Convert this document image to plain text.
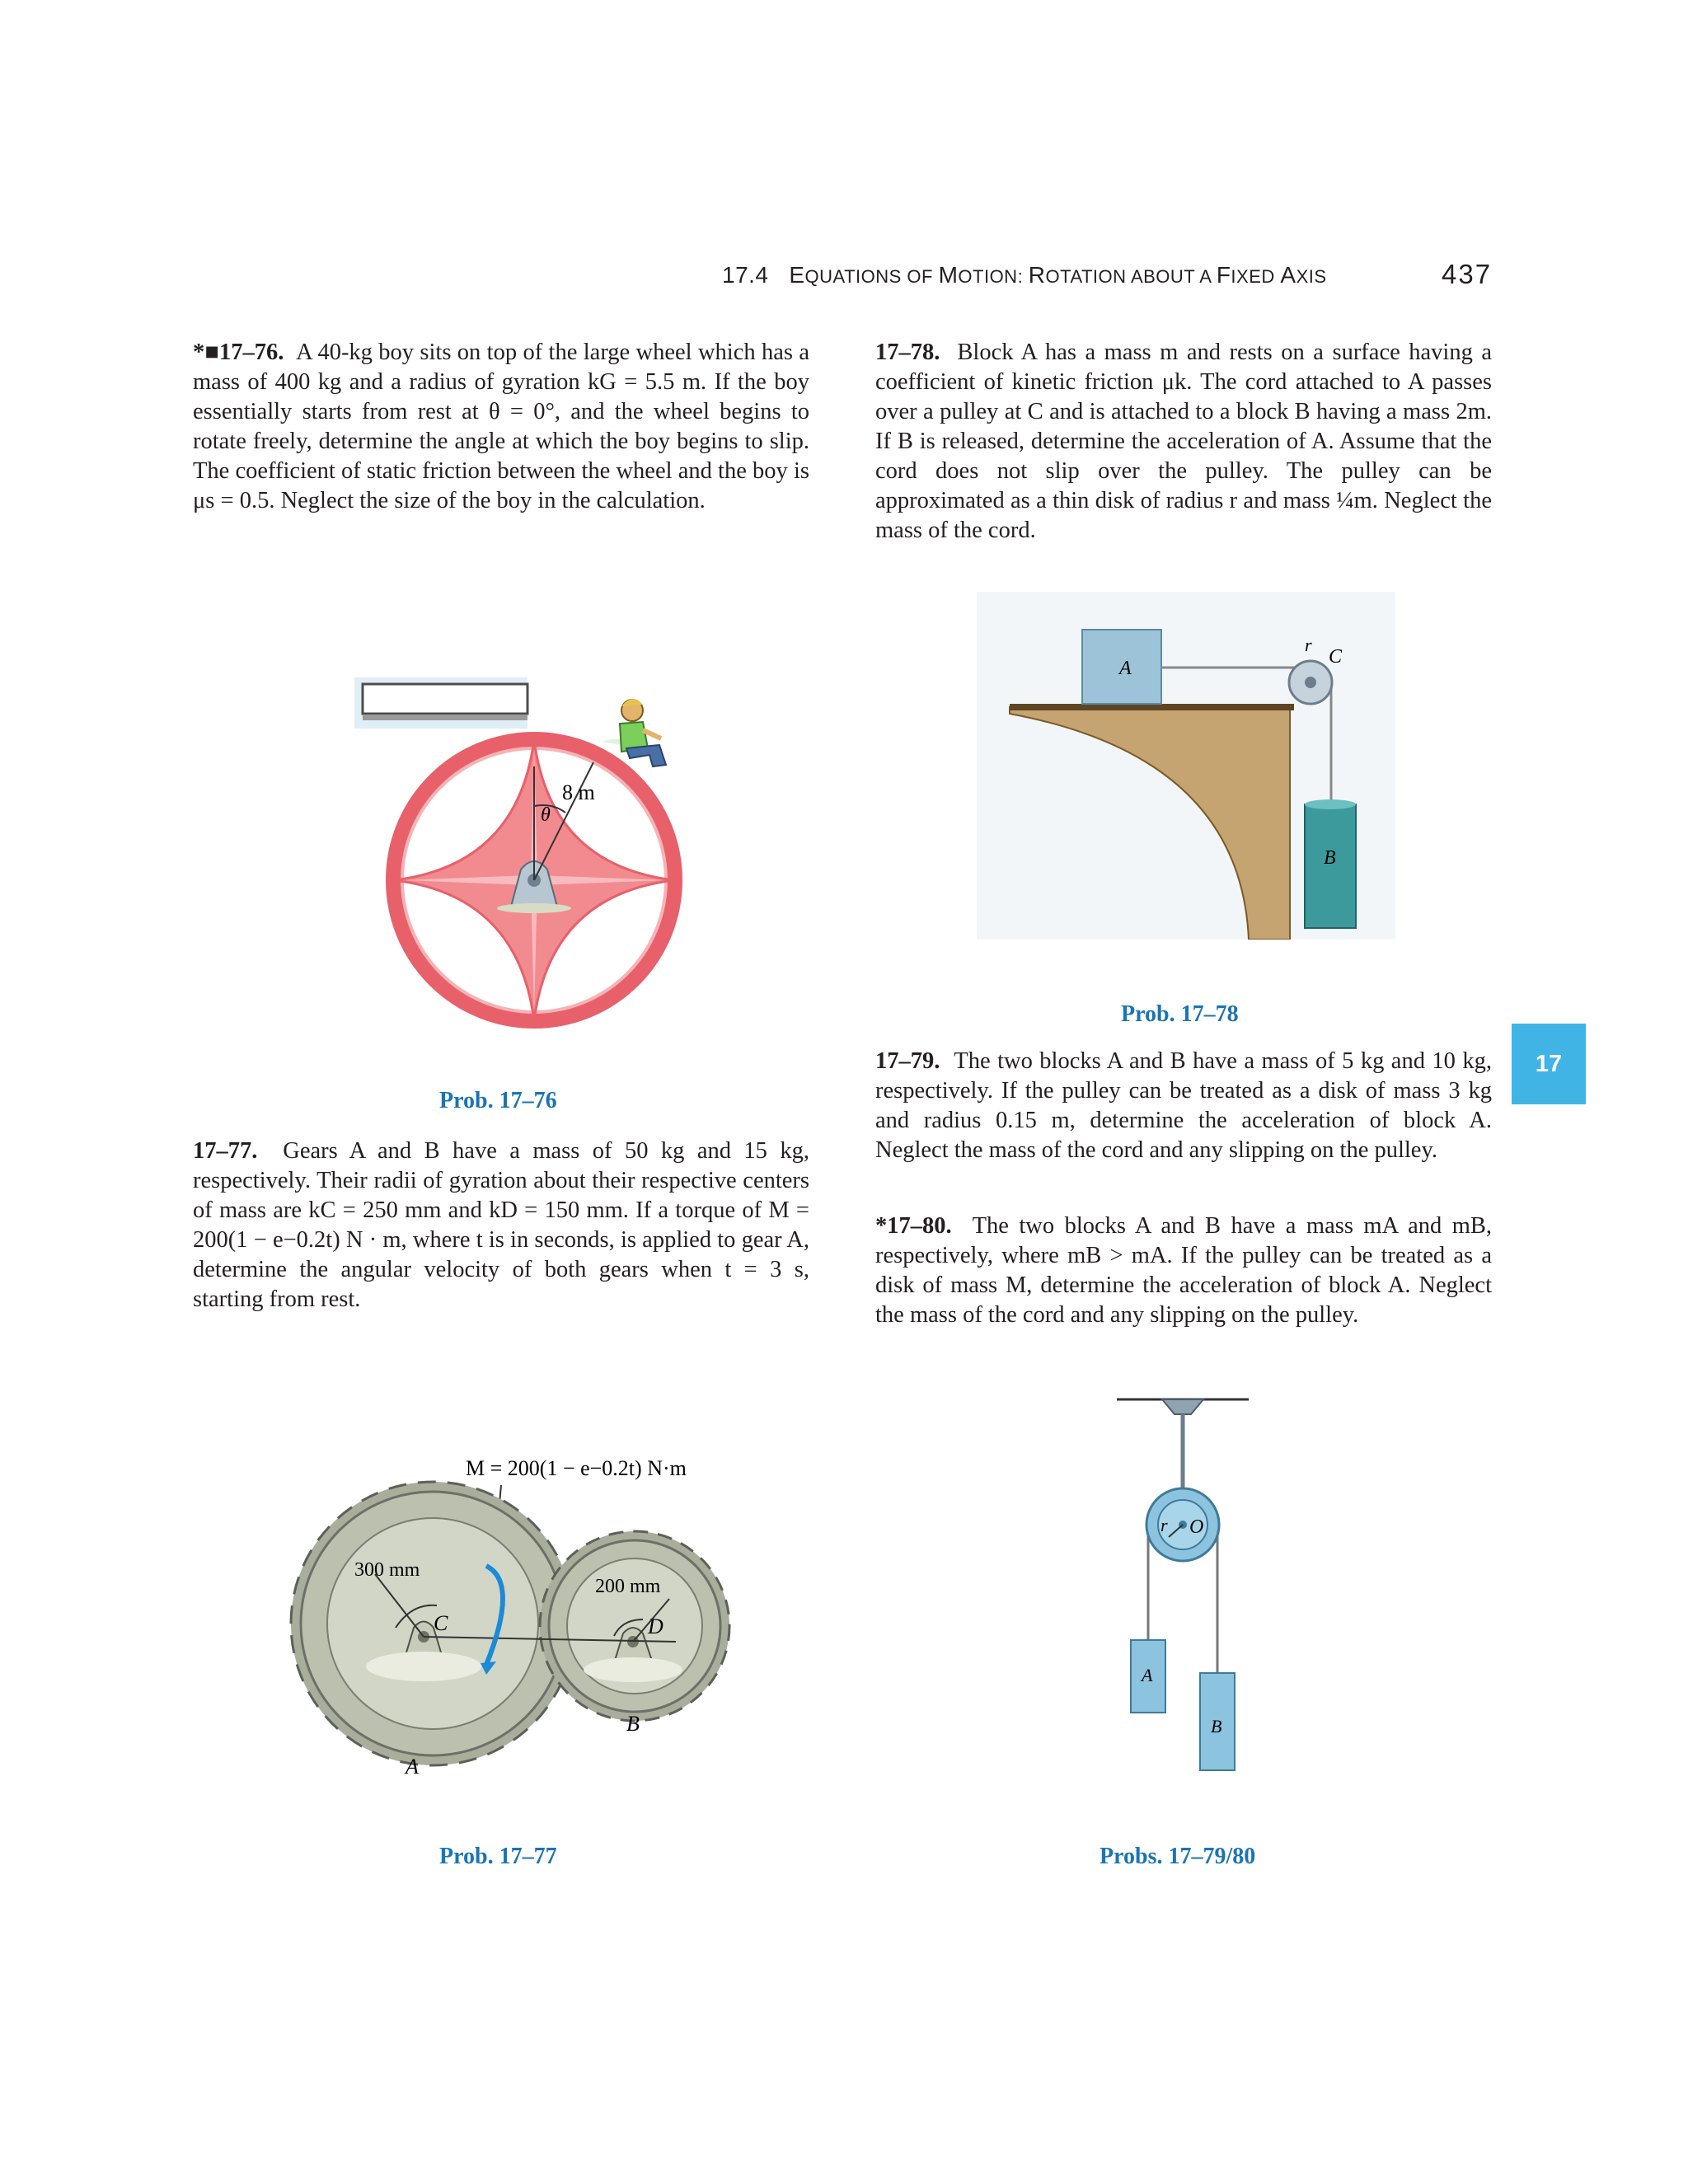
17.4 EQUATIONS OF MOTION: ROTATION ABOUT A FIXED AXIS	437
17
*■17–76. A 40-kg boy sits on top of the large wheel which has a mass of 400 kg and a radius of gyration kG = 5.5 m. If the boy essentially starts from rest at θ = 0°, and the wheel begins to rotate freely, determine the angle at which the boy begins to slip. The coefficient of static friction between the wheel and the boy is μs = 0.5. Neglect the size of the boy in the calculation.
8 m
θ
Prob. 17–76
17–77. Gears A and B have a mass of 50 kg and 15 kg, respectively. Their radii of gyration about their respective centers of mass are kC = 250 mm and kD = 150 mm. If a torque of M = 200(1 − e−0.2t) N · m, where t is in seconds, is applied to gear A, determine the angular velocity of both gears when t = 3 s, starting from rest.
M = 200(1 − e−0.2t) N·m
300 mm
200 mm
C	D
A
B
Prob. 17–77
17–78. Block A has a mass m and rests on a surface having a coefficient of kinetic friction μk. The cord attached to A passes over a pulley at C and is attached to a block B having a mass 2m. If B is released, determine the acceleration of A. Assume that the cord does not slip over the pulley. The pulley can be approximated as a thin disk of radius r and mass ¼m. Neglect the mass of the cord.
A
r
C
B
Prob. 17–78
17–79. The two blocks A and B have a mass of 5 kg and 10 kg, respectively. If the pulley can be treated as a disk of mass 3 kg and radius 0.15 m, determine the acceleration of block A. Neglect the mass of the cord and any slipping on the pulley.
*17–80. The two blocks A and B have a mass mA and mB, respectively, where mB > mA. If the pulley can be treated as a disk of mass M, determine the acceleration of block A. Neglect the mass of the cord and any slipping on the pulley.
r O
A
B
Probs. 17–79/80
